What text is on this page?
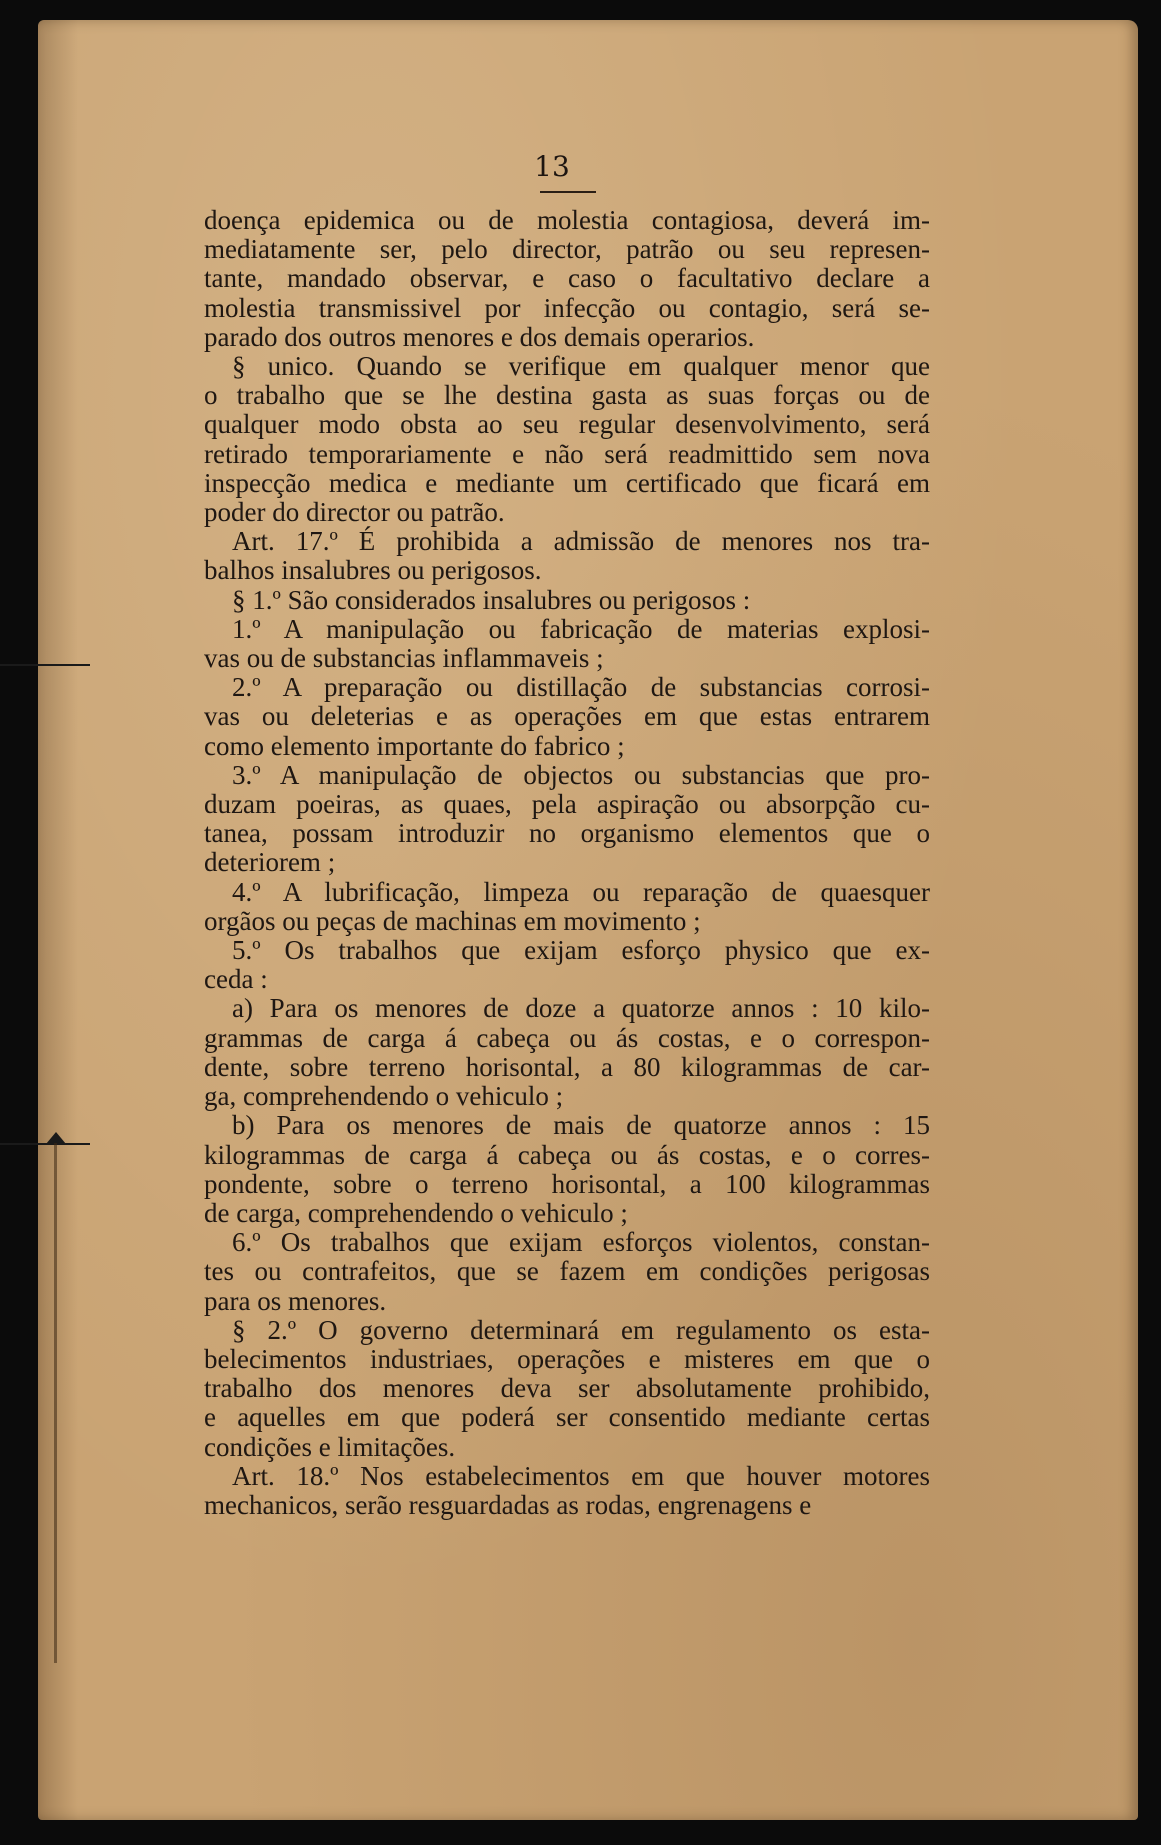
13

doença epidemica ou de molestia contagiosa, deverá im-
mediatamente ser, pelo director, patrão ou seu represen-
tante, mandado observar, e caso o facultativo declare a
molestia transmissivel por infecção ou contagio, será se-
parado dos outros menores e dos demais operarios.

§ unico. Quando se verifique em qualquer menor que
o trabalho que se lhe destina gasta as suas forças ou de
qualquer modo obsta ao seu regular desenvolvimento, será
retirado temporariamente e não será readmittido sem nova
inspecção medica e mediante um certificado que ficará em
poder do director ou patrão.

Art. 17.º É prohibida a admissão de menores nos tra-
balhos insalubres ou perigosos.

§ 1.º São considerados insalubres ou perigosos :

1.º A manipulação ou fabricação de materias explosi-
vas ou de substancias inflammaveis ;

2.º A preparação ou distillação de substancias corrosi-
vas ou deleterias e as operações em que estas entrarem
como elemento importante do fabrico ;

3.º A manipulação de objectos ou substancias que pro-
duzam poeiras, as quaes, pela aspiração ou absorpção cu-
tanea, possam introduzir no organismo elementos que o
deteriorem ;

4.º A lubrificação, limpeza ou reparação de quaesquer
orgãos ou peças de machinas em movimento ;

5.º Os trabalhos que exijam esforço physico que ex-
ceda :

a) Para os menores de doze a quatorze annos : 10 kilo-
grammas de carga á cabeça ou ás costas, e o correspon-
dente, sobre terreno horisontal, a 80 kilogrammas de car-
ga, comprehendendo o vehiculo ;

b) Para os menores de mais de quatorze annos : 15
kilogrammas de carga á cabeça ou ás costas, e o corres-
pondente, sobre o terreno horisontal, a 100 kilogrammas
de carga, comprehendendo o vehiculo ;

6.º Os trabalhos que exijam esforços violentos, constan-
tes ou contrafeitos, que se fazem em condições perigosas
para os menores.

§ 2.º O governo determinará em regulamento os esta-
belecimentos industriaes, operações e misteres em que o
trabalho dos menores deva ser absolutamente prohibido,
e aquelles em que poderá ser consentido mediante certas
condições e limitações.

Art. 18.º Nos estabelecimentos em que houver motores
mechanicos, serão resguardadas as rodas, engrenagens e
